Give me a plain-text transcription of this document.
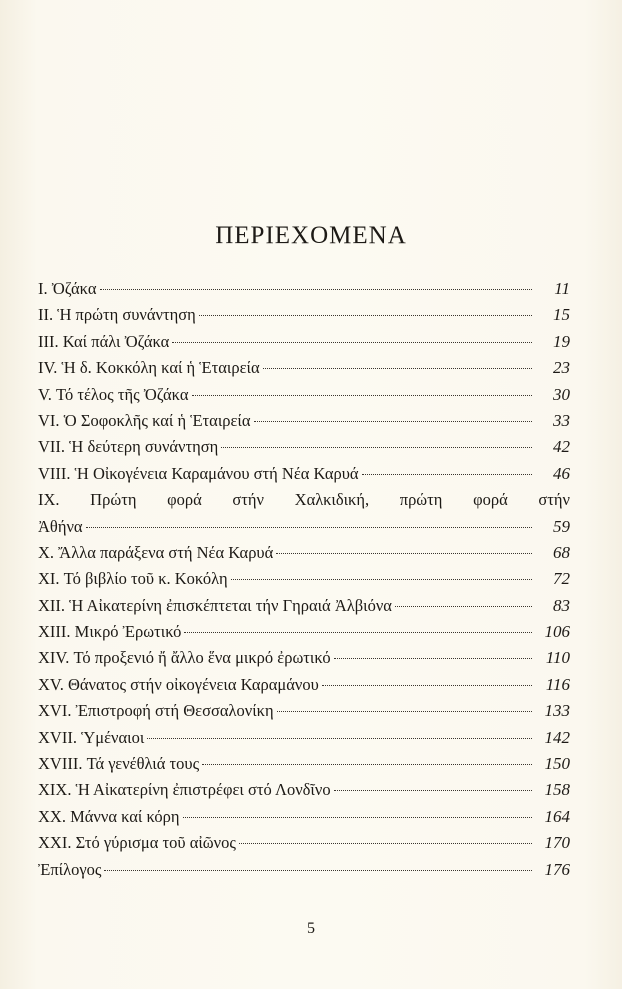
ΠΕΡΙΕΧΟΜΕΝΑ
I. Ὀζάκα	11
II. Ἡ πρώτη συνάντηση	15
III. Καί πάλι Ὀζάκα	19
IV. Ἡ δ. Κοκκόλη καί ἡ Ἑταιρεία	23
V. Τό τέλος τῆς Ὀζάκα	30
VI. Ὁ Σοφοκλῆς καί ἡ Ἑταιρεία	33
VII. Ἡ δεύτερη συνάντηση	42
VIII. Ἡ Οἰκογένεια Καραμάνου στή Νέα Καρυά	46
IX. Πρώτη φορά στήν Χαλκιδική, πρώτη φορά στήν
Ἀθήνα	59
X. Ἄλλα παράξενα στή Νέα Καρυά	68
XI. Τό βιβλίο τοῦ κ. Κοκόλη	72
XII. Ἡ Αἰκατερίνη ἐπισκέπτεται τήν Γηραιά Ἀλβιόνα	83
XIII. Μικρό Ἐρωτικό	106
XIV. Τό προξενιό ἤ ἄλλο ἕνα μικρό ἐρωτικό	110
XV. Θάνατος στήν οἰκογένεια Καραμάνου	116
XVI. Ἐπιστροφή στή Θεσσαλονίκη	133
XVII. Ὑμέναιοι	142
XVIII. Τά γενέθλιά τους	150
XIX. Ἡ Αἰκατερίνη ἐπιστρέφει στό Λονδῖνο	158
XX. Μάννα καί κόρη	164
XXI. Στό γύρισμα τοῦ αἰῶνος	170
Ἐπίλογος	176

5
